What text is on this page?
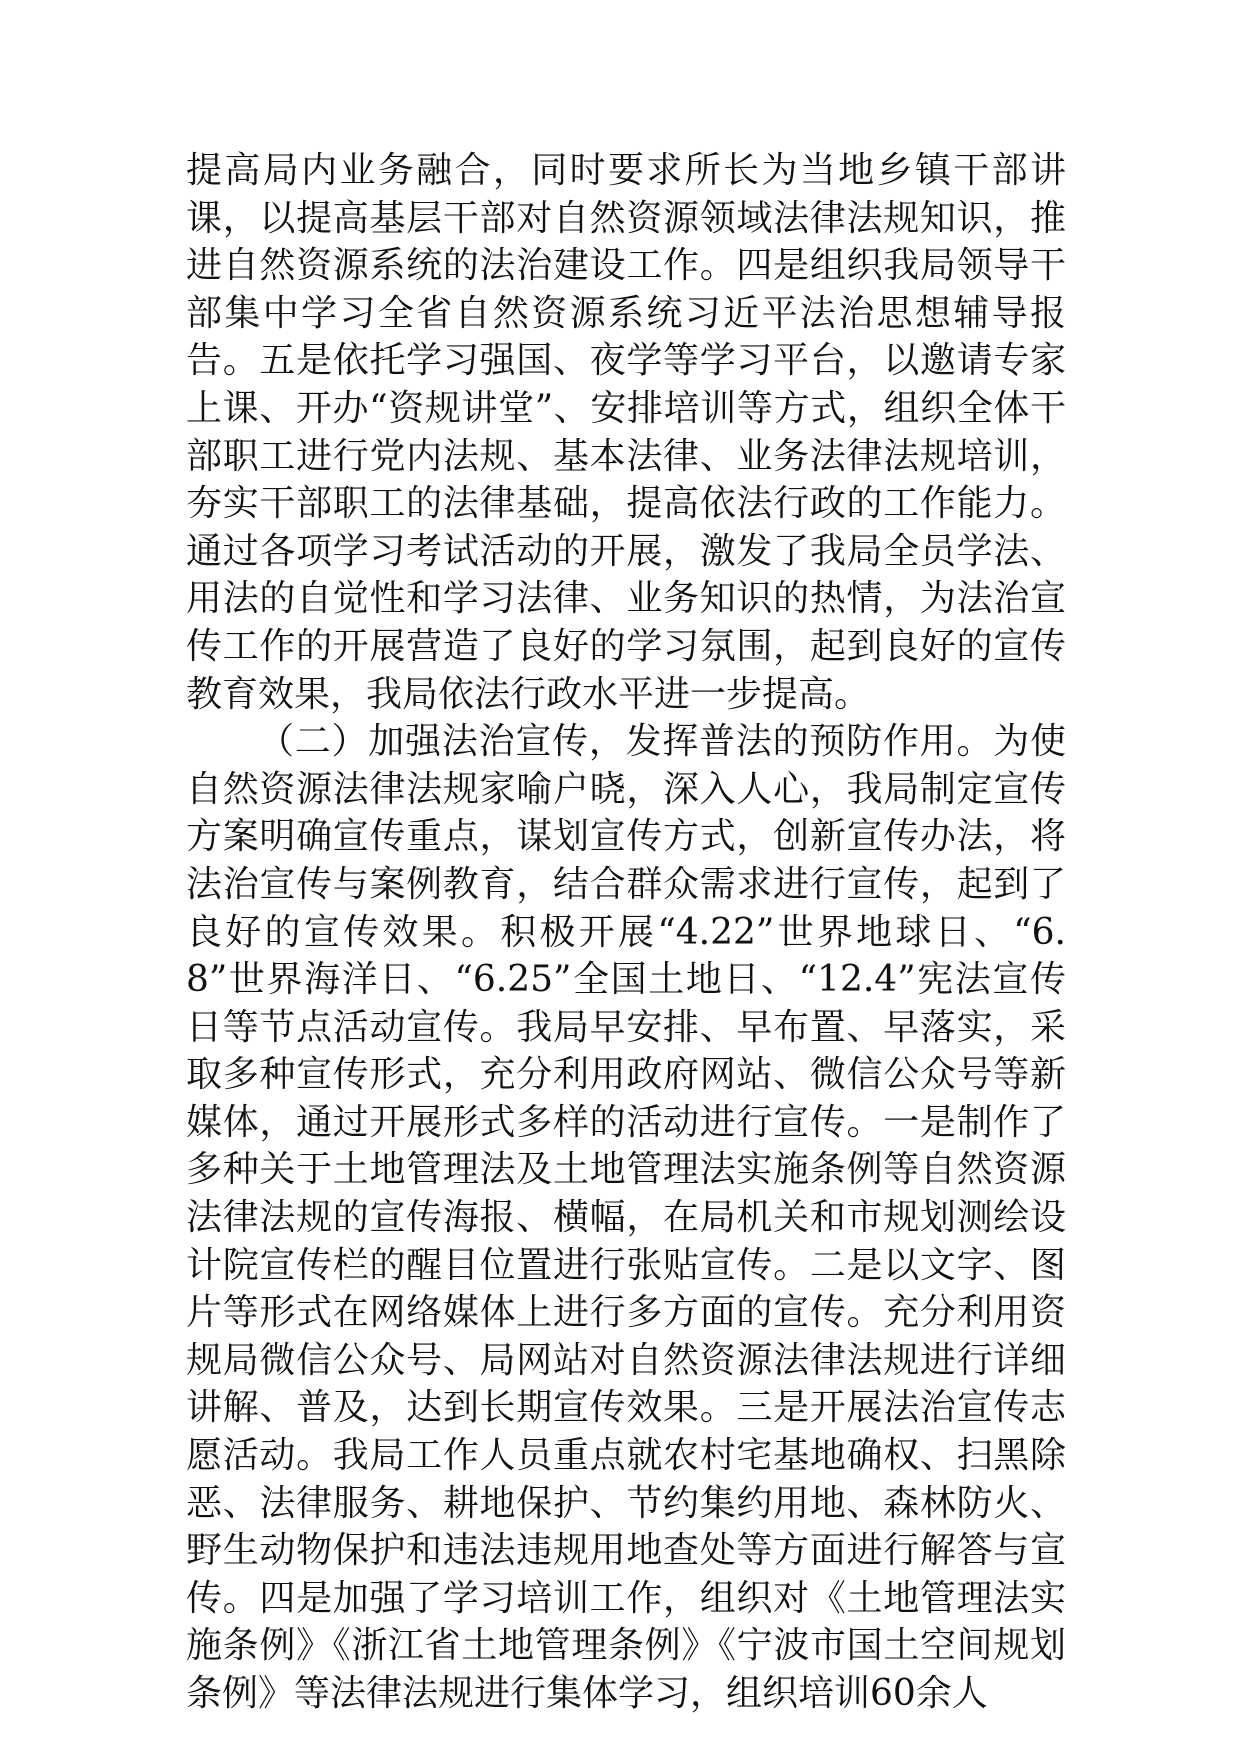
提高局内业务融合，同时要求所长为当地乡镇干部讲课，以提高基层干部对自然资源领域法律法规知识，推进自然资源系统的法治建设工作。四是组织我局领导干部集中学习全省自然资源系统习近平法治思想辅导报告。五是依托学习强国、夜学等学习平台，以邀请专家上课、开办“资规讲堂”、安排培训等方式，组织全体干部职工进行党内法规、基本法律、业务法律法规培训，夯实干部职工的法律基础，提高依法行政的工作能力。通过各项学习考试活动的开展，激发了我局全员学法、用法的自觉性和学习法律、业务知识的热情，为法治宣传工作的开展营造了良好的学习氛围，起到良好的宣传教育效果，我局依法行政水平进一步提高。

（二）加强法治宣传，发挥普法的预防作用。为使自然资源法律法规家喻户晓，深入人心，我局制定宣传方案明确宣传重点，谋划宣传方式，创新宣传办法，将法治宣传与案例教育，结合群众需求进行宣传，起到了良好的宣传效果。积极开展“4.22”世界地球日、“6.8”世界海洋日、“6.25”全国土地日、“12.4”宪法宣传日等节点活动宣传。我局早安排、早布置、早落实，采取多种宣传形式，充分利用政府网站、微信公众号等新媒体，通过开展形式多样的活动进行宣传。一是制作了多种关于土地管理法及土地管理法实施条例等自然资源法律法规的宣传海报、横幅，在局机关和市规划测绘设计院宣传栏的醒目位置进行张贴宣传。二是以文字、图片等形式在网络媒体上进行多方面的宣传。充分利用资规局微信公众号、局网站对自然资源法律法规进行详细讲解、普及，达到长期宣传效果。三是开展法治宣传志愿活动。我局工作人员重点就农村宅基地确权、扫黑除恶、法律服务、耕地保护、节约集约用地、森林防火、野生动物保护和违法违规用地查处等方面进行解答与宣传。四是加强了学习培训工作，组织对《土地管理法实施条例》《浙江省土地管理条例》《宁波市国土空间规划条例》等法律法规进行集体学习，组织培训60余人
